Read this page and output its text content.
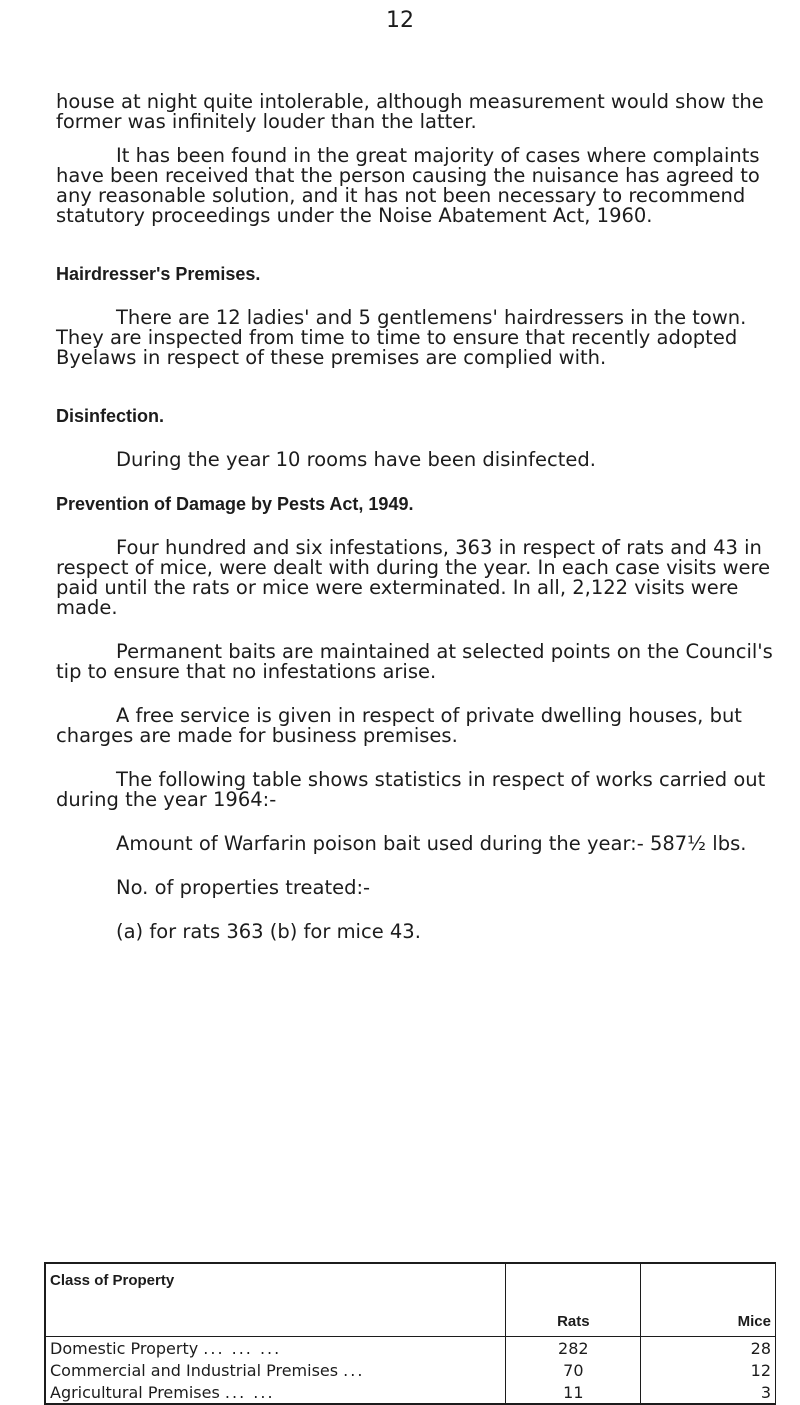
12

house at night quite intolerable, although measurement would show the former was infinitely louder than the latter.

It has been found in the great majority of cases where complaints have been received that the person causing the nuisance has agreed to any reasonable solution, and it has not been necessary to recommend statutory proceedings under the Noise Abatement Act, 1960.

Hairdresser's Premises.

There are 12 ladies' and 5 gentlemens' hairdressers in the town. They are inspected from time to time to ensure that recently adopted Byelaws in respect of these premises are complied with.

Disinfection.

During the year 10 rooms have been disinfected.

Prevention of Damage by Pests Act, 1949.

Four hundred and six infestations, 363 in respect of rats and 43 in respect of mice, were dealt with during the year. In each case visits were paid until the rats or mice were exterminated. In all, 2,122 visits were made.

Permanent baits are maintained at selected points on the Council's tip to ensure that no infestations arise.

A free service is given in respect of private dwelling houses, but charges are made for business premises.

The following table shows statistics in respect of works carried out during the year 1964:-

Amount of Warfarin poison bait used during the year:- 587½ lbs.

No. of properties treated:-

(a) for rats 363 (b) for mice 43.

Class of Property	Rats	Mice
Domestic Property ... ... ...	282	28
Commercial and Industrial Premises ...	70	12
Agricultural Premises ... ...	11	3
